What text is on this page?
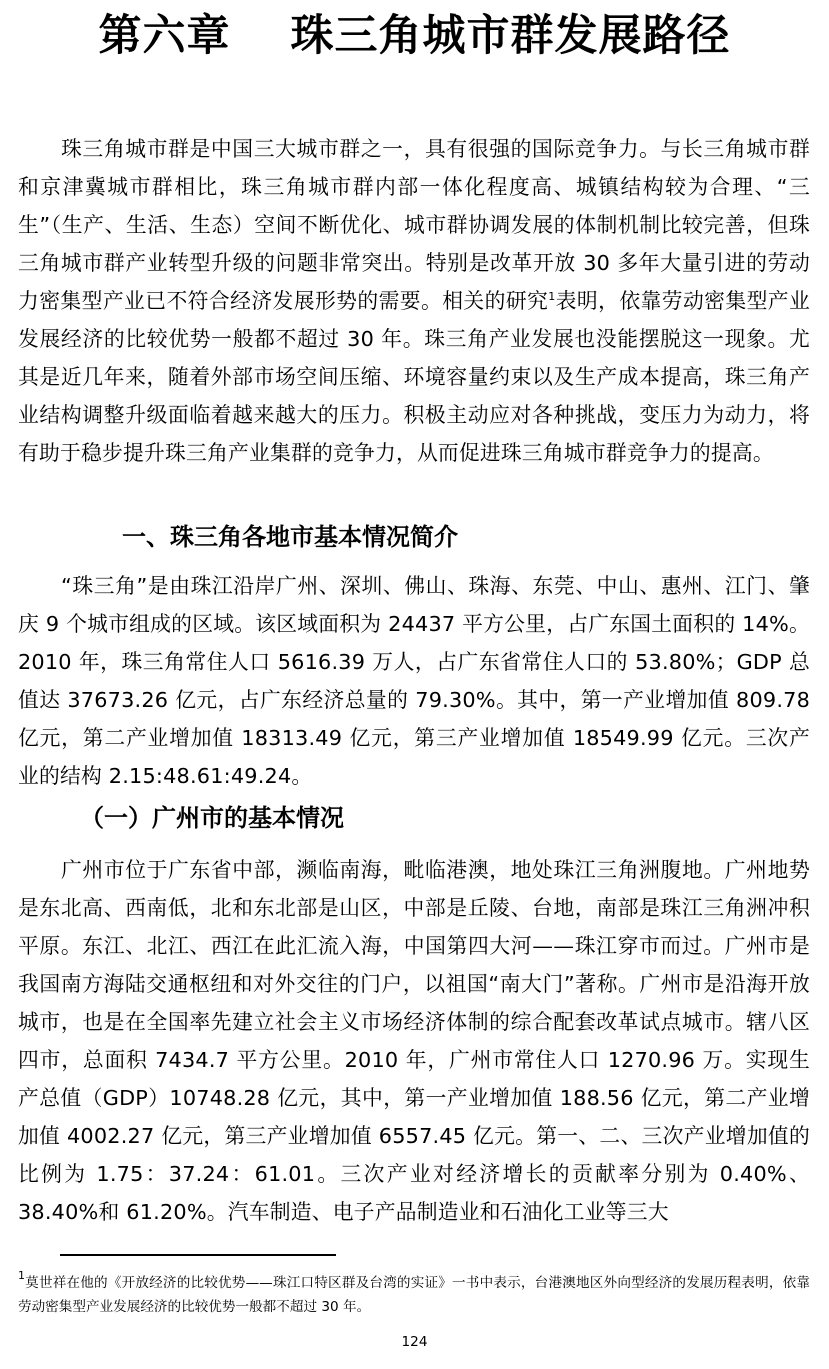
第六章　 珠三角城市群发展路径

珠三角城市群是中国三大城市群之一，具有很强的国际竞争力。与长三角城市群和京津冀城市群相比，珠三角城市群内部一体化程度高、城镇结构较为合理、“三生”（生产、生活、生态）空间不断优化、城市群协调发展的体制机制比较完善，但珠三角城市群产业转型升级的问题非常突出。特别是改革开放 30 多年大量引进的劳动力密集型产业已不符合经济发展形势的需要。相关的研究$^1$表明，依靠劳动密集型产业发展经济的比较优势一般都不超过 30 年。珠三角产业发展也没能摆脱这一现象。尤其是近几年来，随着外部市场空间压缩、环境容量约束以及生产成本提高，珠三角产业结构调整升级面临着越来越大的压力。积极主动应对各种挑战，变压力为动力，将有助于稳步提升珠三角产业集群的竞争力，从而促进珠三角城市群竞争力的提高。

一、珠三角各地市基本情况简介

“珠三角”是由珠江沿岸广州、深圳、佛山、珠海、东莞、中山、惠州、江门、肇庆 9 个城市组成的区域。该区域面积为 24437 平方公里，占广东国土面积的 14%。2010 年，珠三角常住人口 5616.39 万人，占广东省常住人口的 53.80%；GDP 总值达 37673.26 亿元，占广东经济总量的 79.30%。其中，第一产业增加值 809.78 亿元，第二产业增加值 18313.49 亿元，第三产业增加值 18549.99 亿元。三次产业的结构 2.15:48.61:49.24。

（一）广州市的基本情况

广州市位于广东省中部，濒临南海，毗临港澳，地处珠江三角洲腹地。广州地势是东北高、西南低，北和东北部是山区，中部是丘陵、台地，南部是珠江三角洲冲积平原。东江、北江、西江在此汇流入海，中国第四大河——珠江穿市而过。广州市是我国南方海陆交通枢纽和对外交往的门户，以祖国“南大门”著称。广州市是沿海开放城市，也是在全国率先建立社会主义市场经济体制的综合配套改革试点城市。辖八区四市，总面积 7434.7 平方公里。2010 年，广州市常住人口 1270.96 万。实现生产总值（GDP）10748.28 亿元，其中，第一产业增加值 188.56 亿元，第二产业增加值 4002.27 亿元，第三产业增加值 6557.45 亿元。第一、二、三次产业增加值的比例为 1.75：37.24：61.01。三次产业对经济增长的贡献率分别为 0.40%、38.40%和 61.20%。汽车制造、电子产品制造业和石油化工业等三大

$^1$莫世祥在他的《开放经济的比较优势——珠江口特区群及台湾的实证》一书中表示，台港澳地区外向型经济的发展历程表明，依靠劳动密集型产业发展经济的比较优势一般都不超过 30 年。

124
